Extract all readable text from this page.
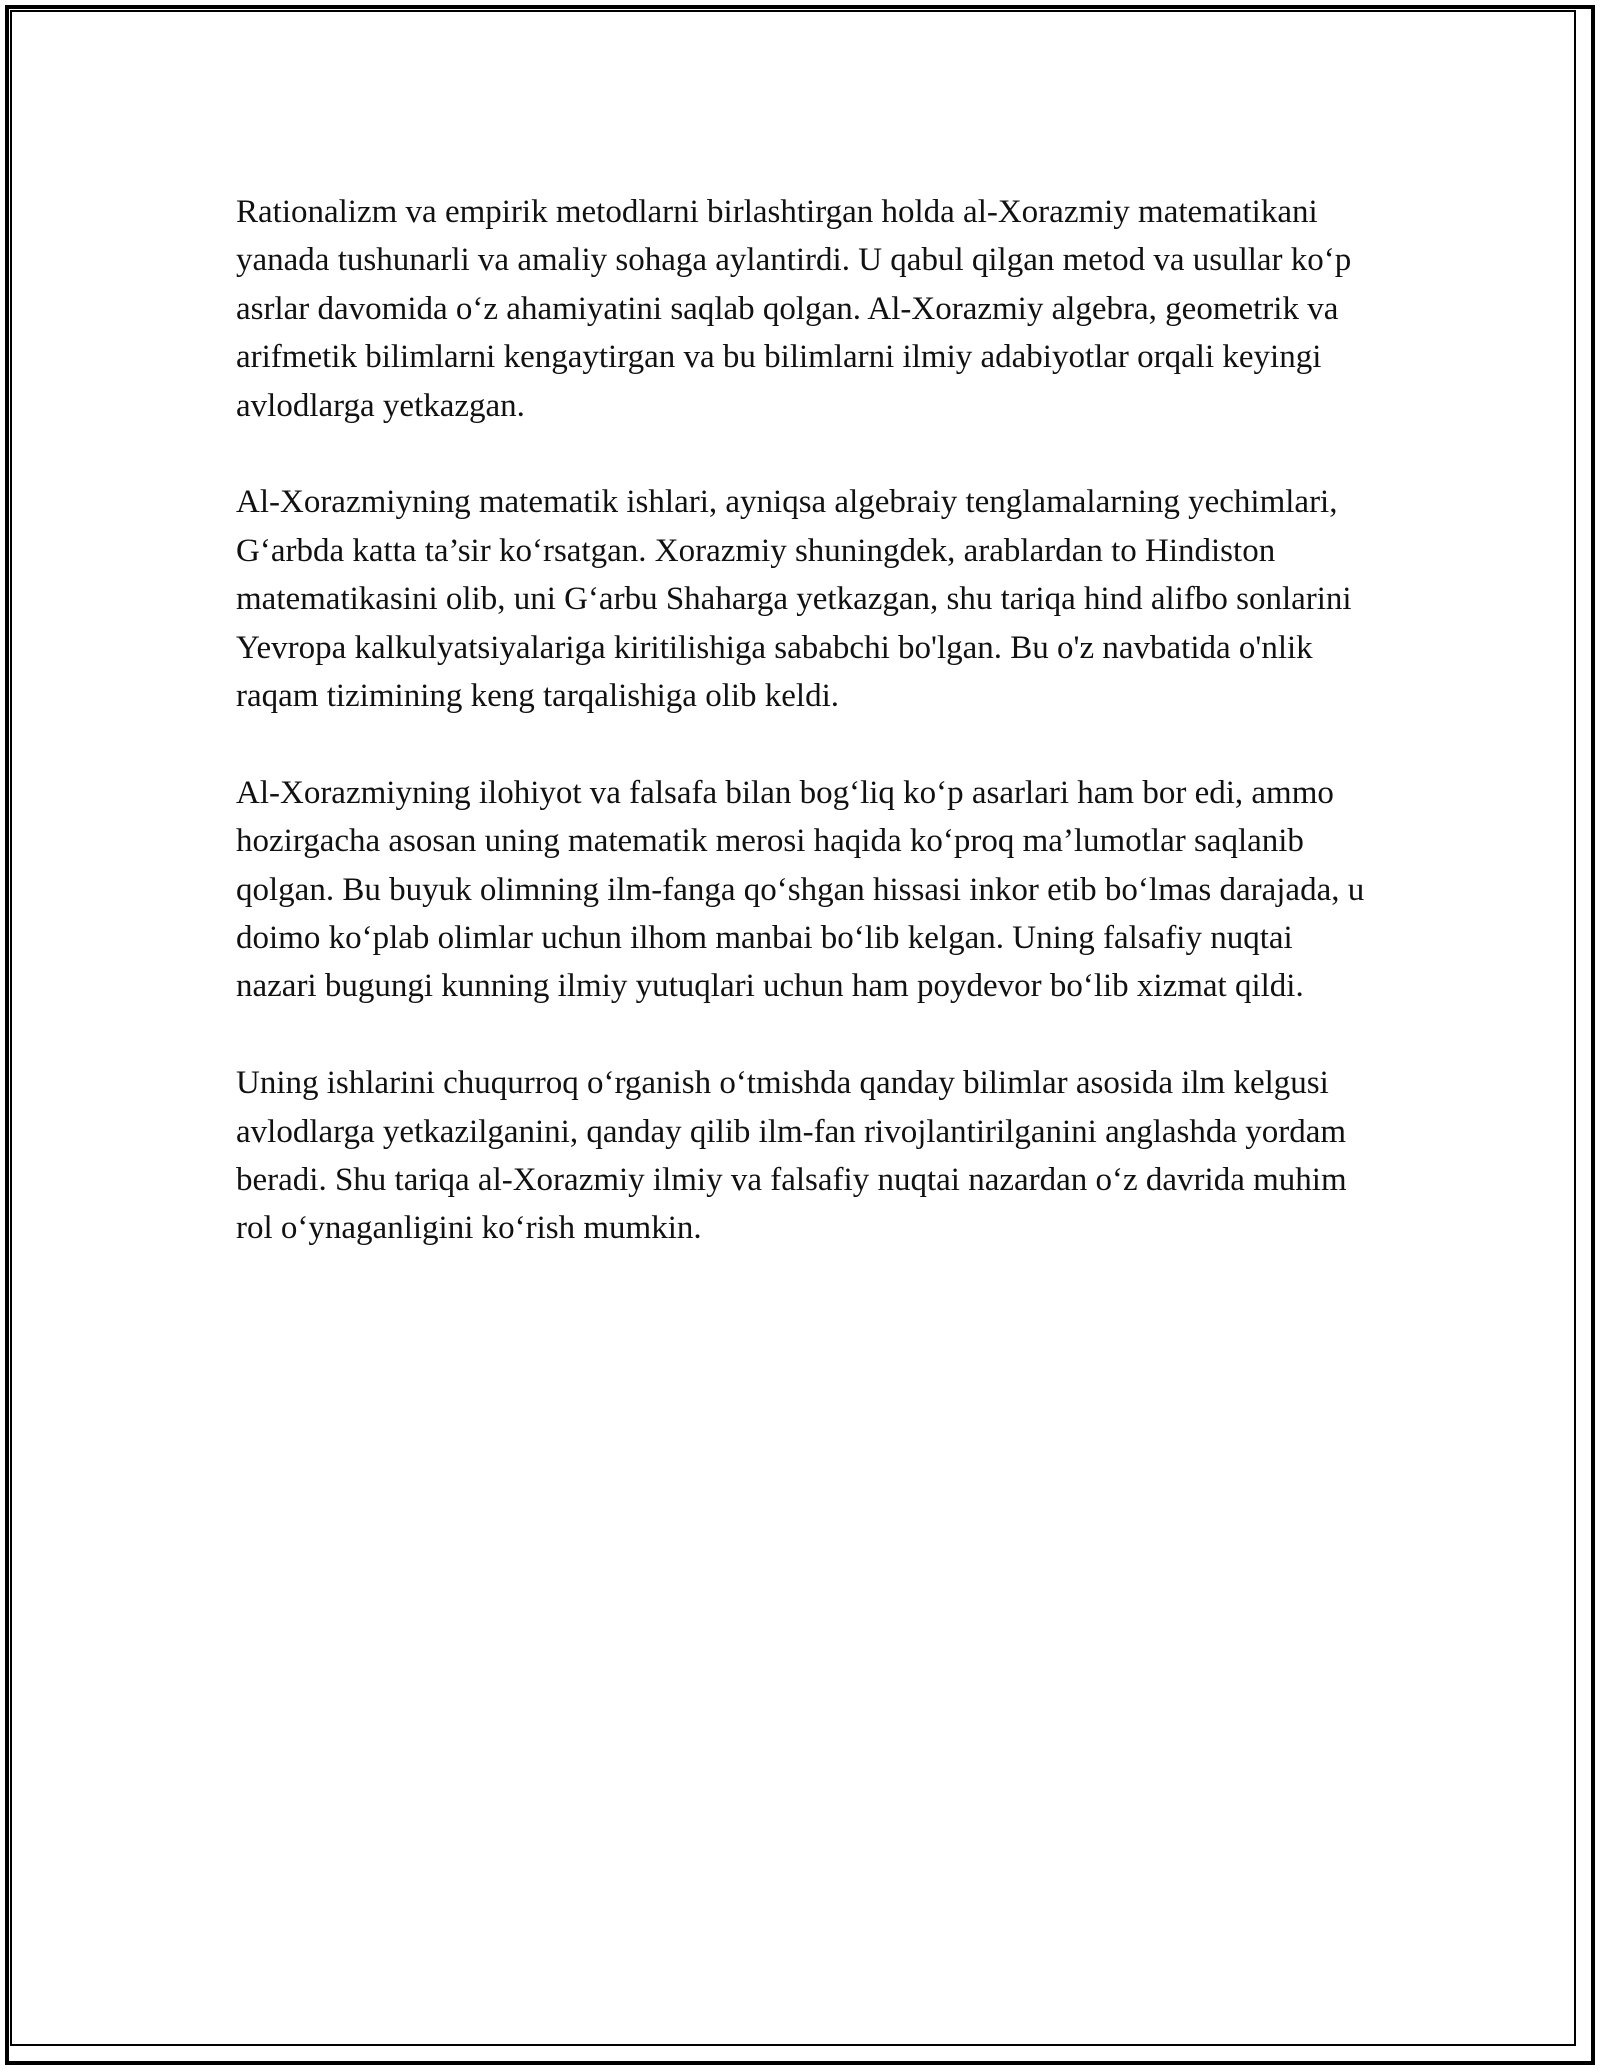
Rationalizm va empirik metodlarni birlashtirgan holda al-Xorazmiy matematikani yanada tushunarli va amaliy sohaga aylantirdi. U qabul qilgan metod va usullar ko‘p asrlar davomida o‘z ahamiyatini saqlab qolgan. Al-Xorazmiy algebra, geometrik va arifmetik bilimlarni kengaytirgan va bu bilimlarni ilmiy adabiyotlar orqali keyingi avlodlarga yetkazgan.

Al-Xorazmiyning matematik ishlari, ayniqsa algebraiy tenglamalarning yechimlari, G‘arbda katta ta’sir ko‘rsatgan. Xorazmiy shuningdek, arablardan to Hindiston matematikasini olib, uni G‘arbu Shaharga yetkazgan, shu tariqa hind alifbo sonlarini Yevropa kalkulyatsiyalariga kiritilishiga sababchi bo'lgan. Bu o'z navbatida o'nlik raqam tizimining keng tarqalishiga olib keldi.

Al-Xorazmiyning ilohiyot va falsafa bilan bog‘liq ko‘p asarlari ham bor edi, ammo hozirgacha asosan uning matematik merosi haqida ko‘proq ma’lumotlar saqlanib qolgan. Bu buyuk olimning ilm-fanga qo‘shgan hissasi inkor etib bo‘lmas darajada, u doimo ko‘plab olimlar uchun ilhom manbai bo‘lib kelgan. Uning falsafiy nuqtai nazari bugungi kunning ilmiy yutuqlari uchun ham poydevor bo‘lib xizmat qildi.

Uning ishlarini chuqurroq o‘rganish o‘tmishda qanday bilimlar asosida ilm kelgusi avlodlarga yetkazilganini, qanday qilib ilm-fan rivojlantirilganini anglashda yordam beradi. Shu tariqa al-Xorazmiy ilmiy va falsafiy nuqtai nazardan o‘z davrida muhim rol o‘ynaganligini ko‘rish mumkin.
